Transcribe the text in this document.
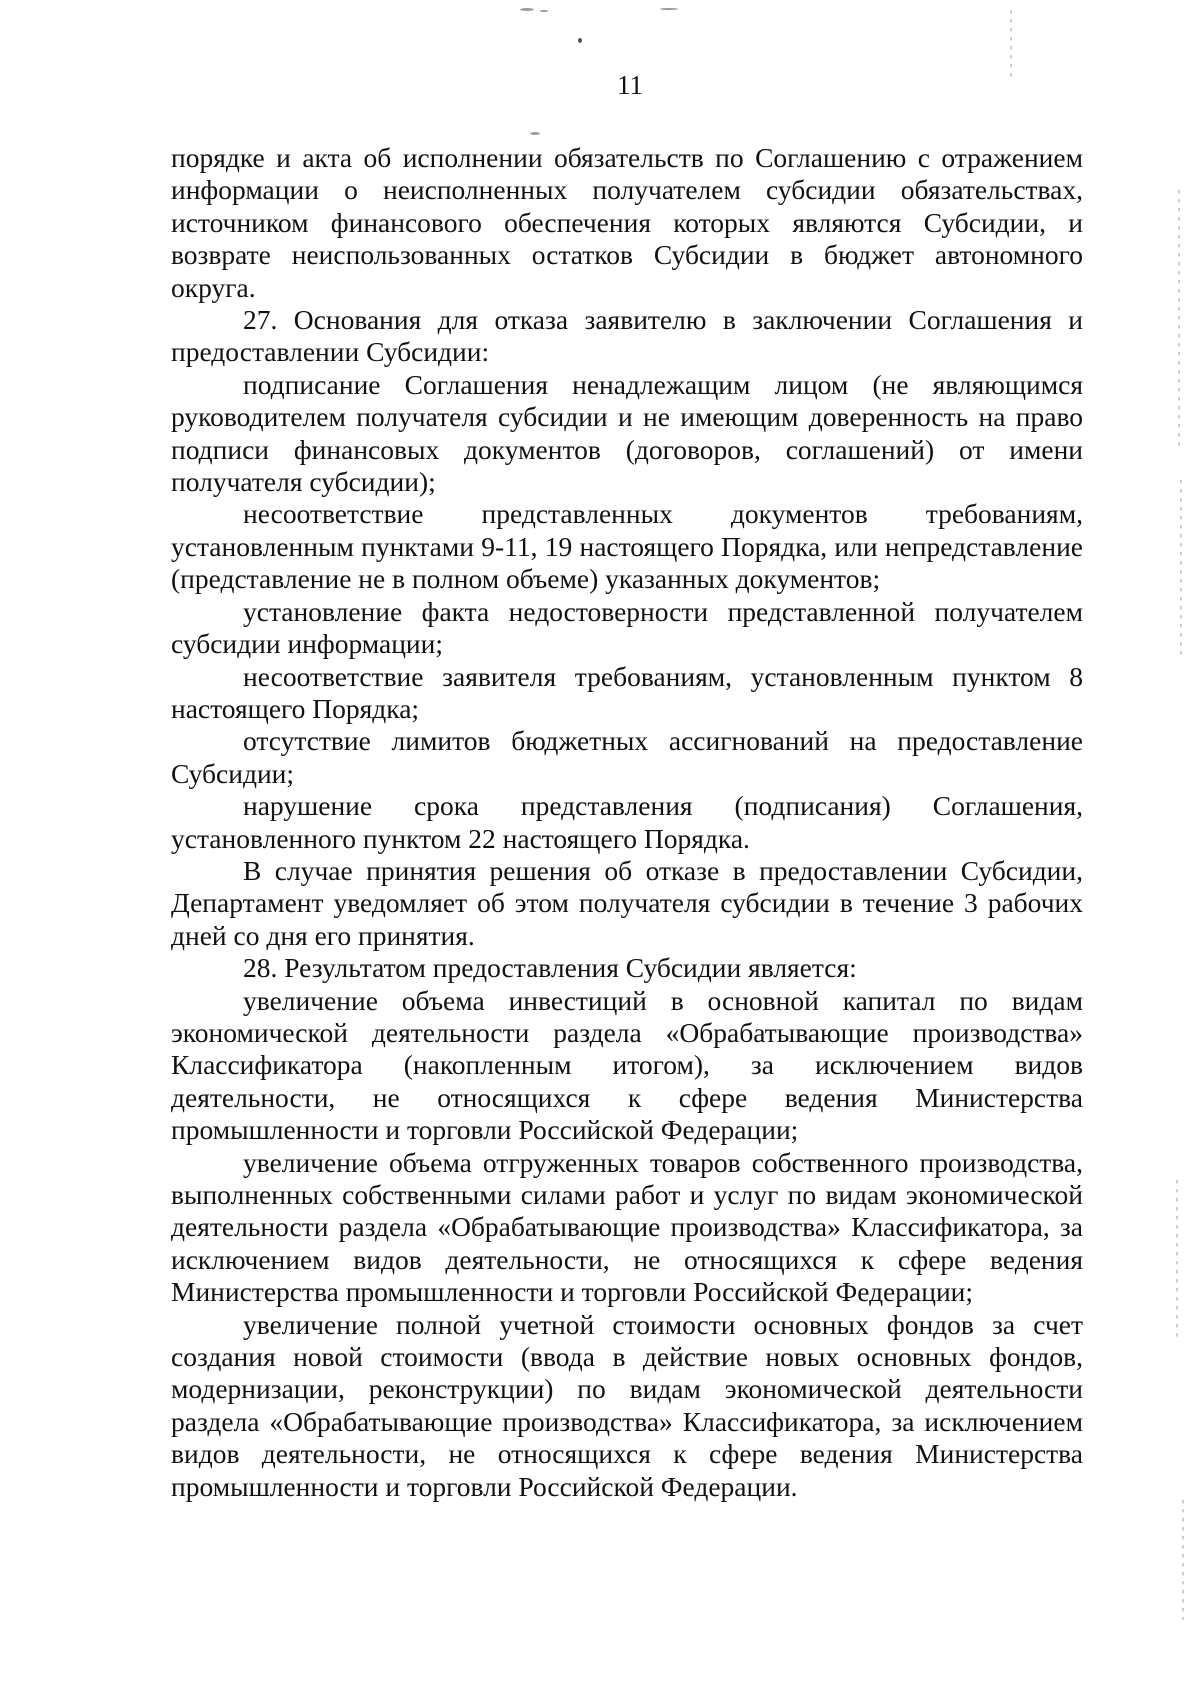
11

порядке и акта об исполнении обязательств по Соглашению с отражением информации о неисполненных получателем субсидии обязательствах, источником финансового обеспечения которых являются Субсидии, и возврате неиспользованных остатков Субсидии в бюджет автономного округа.

27. Основания для отказа заявителю в заключении Соглашения и предоставлении Субсидии:

подписание Соглашения ненадлежащим лицом (не являющимся руководителем получателя субсидии и не имеющим доверенность на право подписи финансовых документов (договоров, соглашений) от имени получателя субсидии);

несоответствие представленных документов требованиям, установленным пунктами 9-11, 19 настоящего Порядка, или непредставление (представление не в полном объеме) указанных документов;

установление факта недостоверности представленной получателем субсидии информации;

несоответствие заявителя требованиям, установленным пунктом 8 настоящего Порядка;

отсутствие лимитов бюджетных ассигнований на предоставление Субсидии;

нарушение срока представления (подписания) Соглашения, установленного пунктом 22 настоящего Порядка.

В случае принятия решения об отказе в предоставлении Субсидии, Департамент уведомляет об этом получателя субсидии в течение 3 рабочих дней со дня его принятия.

28. Результатом предоставления Субсидии является:

увеличение объема инвестиций в основной капитал по видам экономической деятельности раздела «Обрабатывающие производства» Классификатора (накопленным итогом), за исключением видов деятельности, не относящихся к сфере ведения Министерства промышленности и торговли Российской Федерации;

увеличение объема отгруженных товаров собственного производства, выполненных собственными силами работ и услуг по видам экономической деятельности раздела «Обрабатывающие производства» Классификатора, за исключением видов деятельности, не относящихся к сфере ведения Министерства промышленности и торговли Российской Федерации;

увеличение полной учетной стоимости основных фондов за счет создания новой стоимости (ввода в действие новых основных фондов, модернизации, реконструкции) по видам экономической деятельности раздела «Обрабатывающие производства» Классификатора, за исключением видов деятельности, не относящихся к сфере ведения Министерства промышленности и торговли Российской Федерации.
